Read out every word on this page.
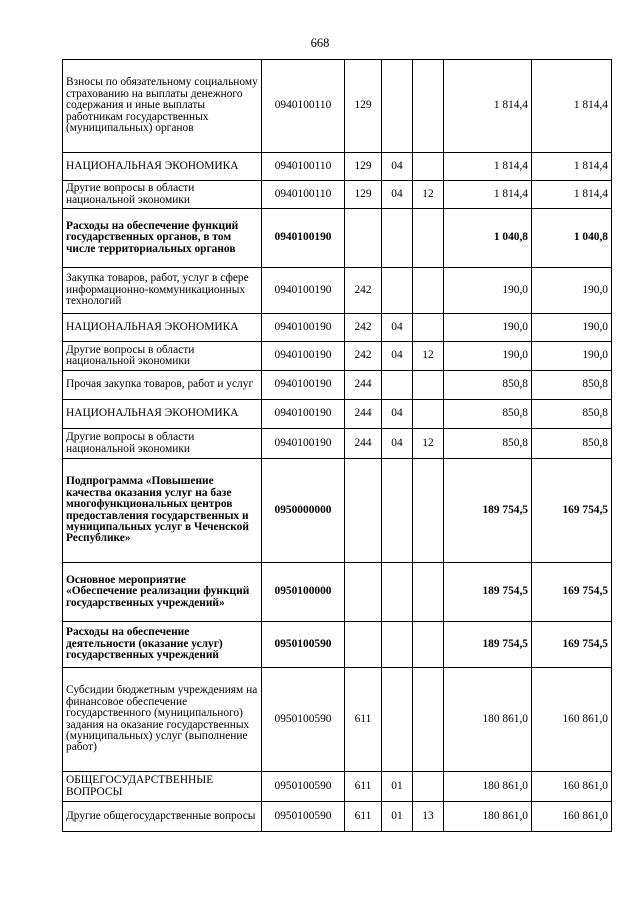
668
Взносы по обязательному социальному страхованию на выплаты денежного содержания и иные выплаты работникам государственных (муниципальных) органов	0940100110	129			1 814,4	1 814,4
НАЦИОНАЛЬНАЯ ЭКОНОМИКА	0940100110	129	04		1 814,4	1 814,4
Другие вопросы в области национальной экономики	0940100110	129	04	12	1 814,4	1 814,4
Расходы на обеспечение функций государственных органов, в том числе территориальных органов	0940100190				1 040,8	1 040,8
Закупка товаров, работ, услуг в сфере информационно-коммуникационных технологий	0940100190	242			190,0	190,0
НАЦИОНАЛЬНАЯ ЭКОНОМИКА	0940100190	242	04		190,0	190,0
Другие вопросы в области национальной экономики	0940100190	242	04	12	190,0	190,0
Прочая закупка товаров, работ и услуг	0940100190	244			850,8	850,8
НАЦИОНАЛЬНАЯ ЭКОНОМИКА	0940100190	244	04		850,8	850,8
Другие вопросы в области национальной экономики	0940100190	244	04	12	850,8	850,8
Подпрограмма «Повышение качества оказания услуг на базе многофункциональных центров предоставления государственных и муниципальных услуг в Чеченской Республике»	0950000000				189 754,5	169 754,5
Основное мероприятие «Обеспечение реализации функций государственных учреждений»	0950100000				189 754,5	169 754,5
Расходы на обеспечение деятельности (оказание услуг) государственных учреждений	0950100590				189 754,5	169 754,5
Субсидии бюджетным учреждениям на финансовое обеспечение государственного (муниципального) задания на оказание государственных (муниципальных) услуг (выполнение работ)	0950100590	611			180 861,0	160 861,0
ОБЩЕГОСУДАРСТВЕННЫЕ ВОПРОСЫ	0950100590	611	01		180 861,0	160 861,0
Другие общегосударственные вопросы	0950100590	611	01	13	180 861,0	160 861,0
